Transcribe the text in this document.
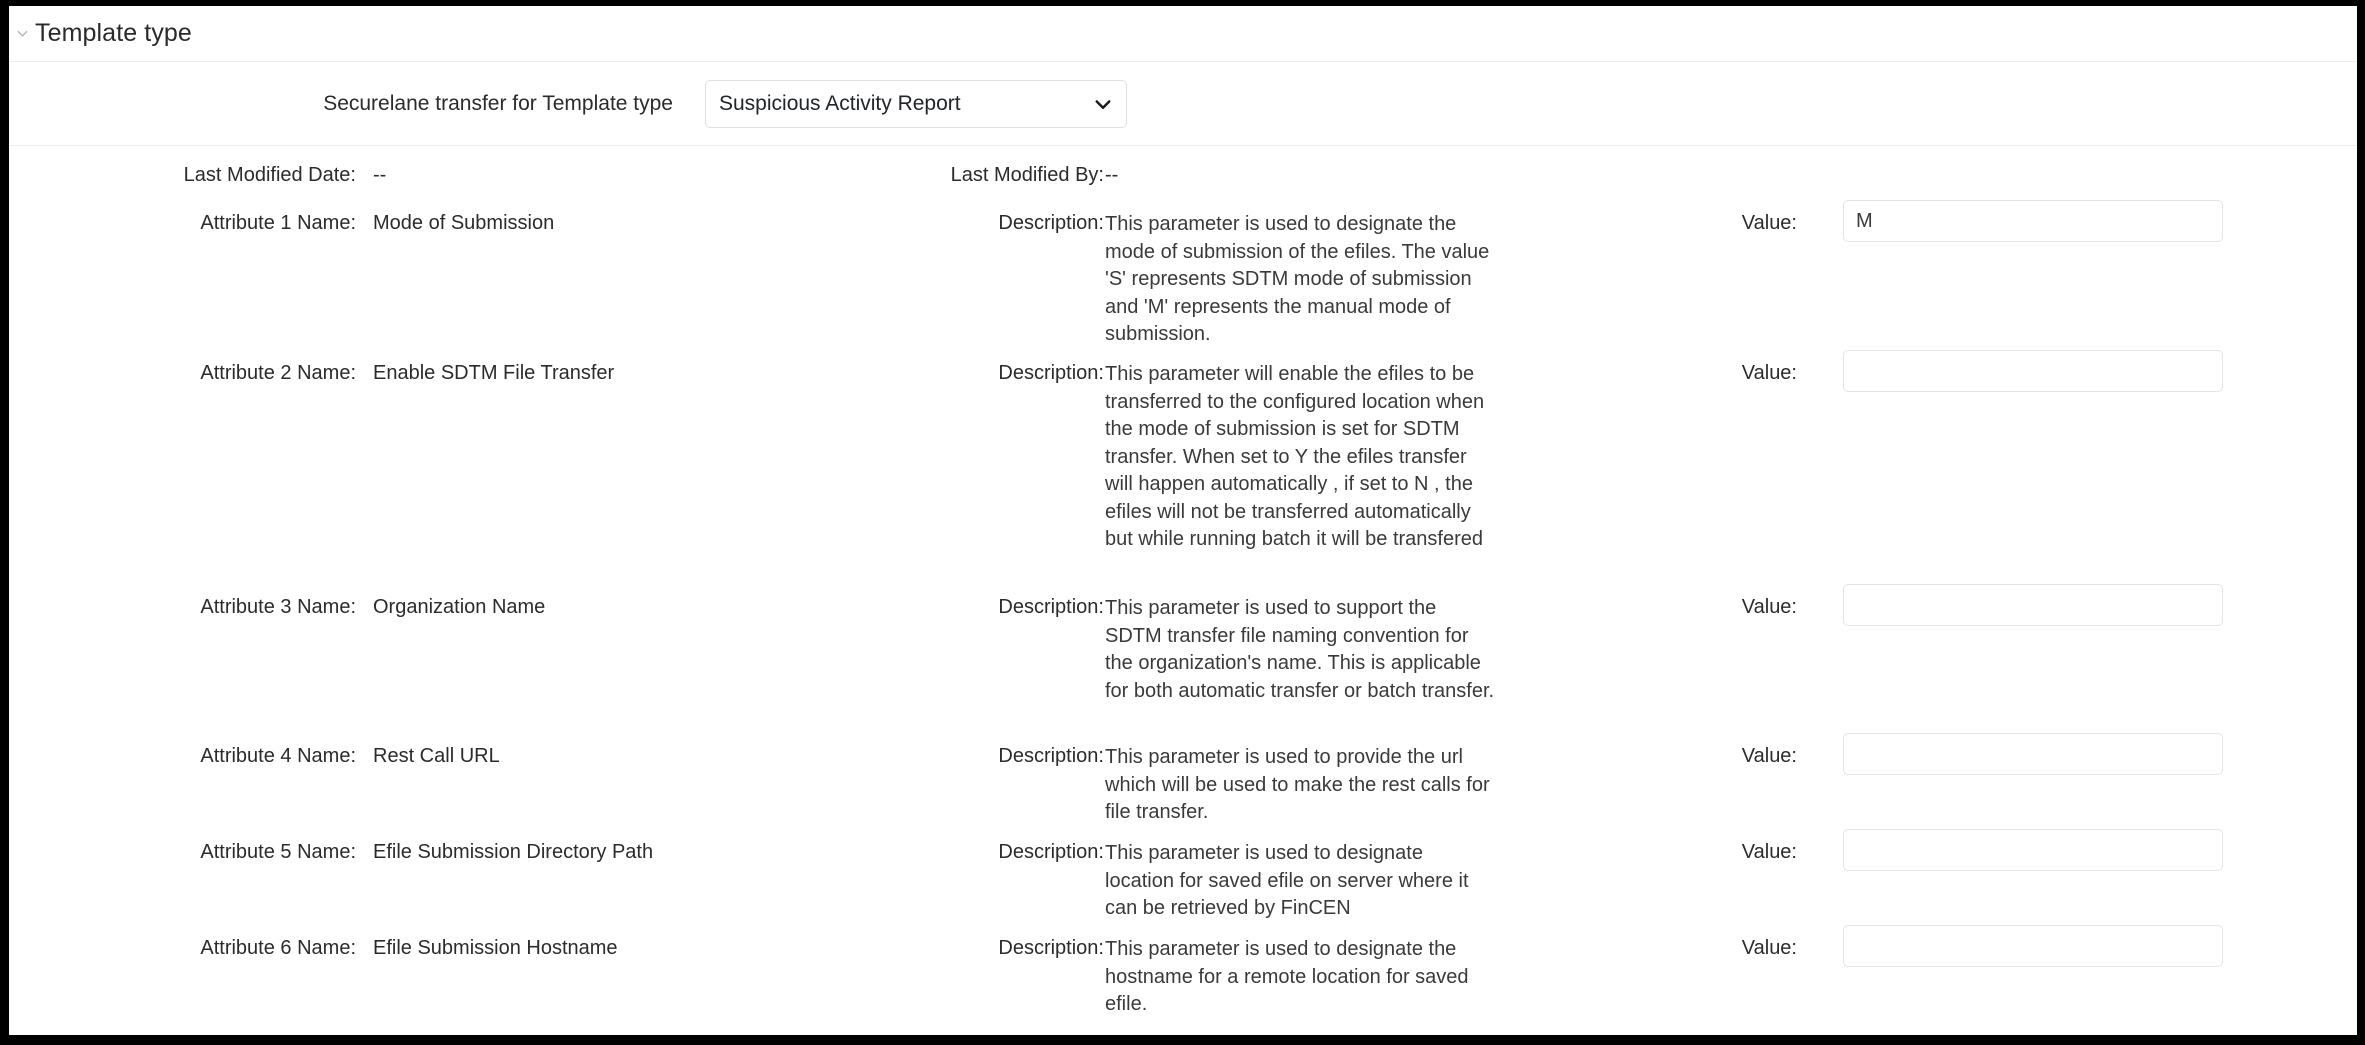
Template type
Securelane transfer for Template type
Suspicious Activity Report
Last Modified Date: --	Last Modified By: --
Attribute 1 Name: Mode of Submission	Description: This parameter is used to designate the mode of submission of the efiles. The value 'S' represents SDTM mode of submission and 'M' represents the manual mode of submission.
Value:
M
Attribute 2 Name: Enable SDTM File Transfer	Description: This parameter will enable the efiles to be transferred to the configured location when the mode of submission is set for SDTM transfer. When set to Y the efiles transfer will happen automatically , if set to N , the efiles will not be transferred automatically but while running batch it will be transfered
Value:
Attribute 3 Name: Organization Name	Description: This parameter is used to support the SDTM transfer file naming convention for the organization's name. This is applicable for both automatic transfer or batch transfer.
Value:
Attribute 4 Name: Rest Call URL	Description: This parameter is used to provide the url which will be used to make the rest calls for file transfer.
Value:
Attribute 5 Name: Efile Submission Directory Path	Description: This parameter is used to designate location for saved efile on server where it can be retrieved by FinCEN
Value:
Attribute 6 Name: Efile Submission Hostname	Description: This parameter is used to designate the hostname for a remote location for saved efile.
Value:
